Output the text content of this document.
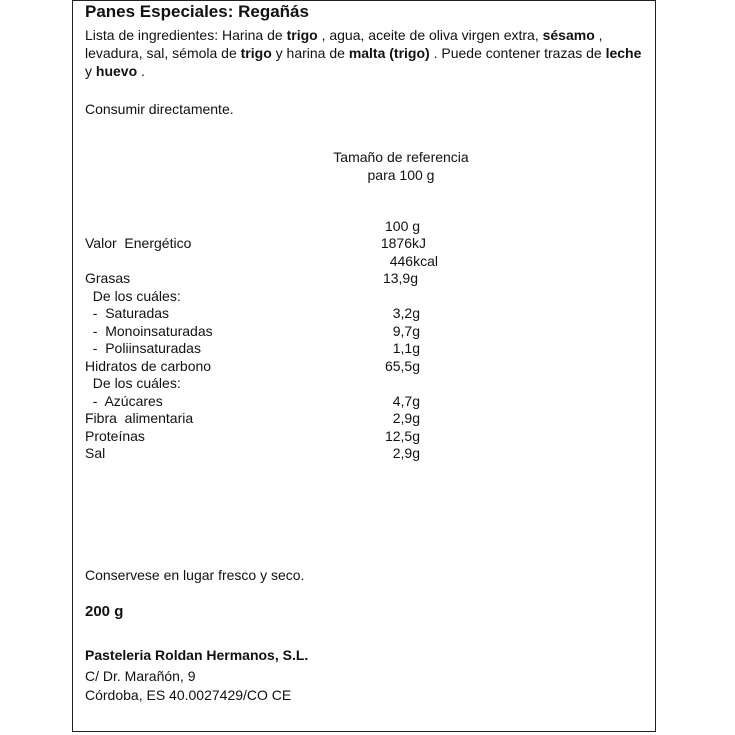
Panes Especiales: Regañás
Lista de ingredientes: Harina de trigo , agua, aceite de oliva virgen extra, sésamo , levadura, sal, sémola de trigo y harina de malta (trigo) . Puede contener trazas de leche y huevo .
Consumir directamente.
Tamaño de referencia
para 100 g
100 g
Valor  Energético	1876kJ
446kcal
Grasas	13,9g
De los cuáles:
-  Saturadas	3,2g
-  Monoinsaturadas	9,7g
-  Poliinsaturadas	1,1g
Hidratos de carbono	65,5g
De los cuáles:
-  Azúcares	4,7g
Fibra  alimentaria	2,9g
Proteínas	12,5g
Sal	2,9g
Conservese en lugar fresco y seco.
200 g
Pasteleria Roldan Hermanos, S.L.
C/ Dr. Marañón, 9
Córdoba, ES 40.0027429/CO CE
